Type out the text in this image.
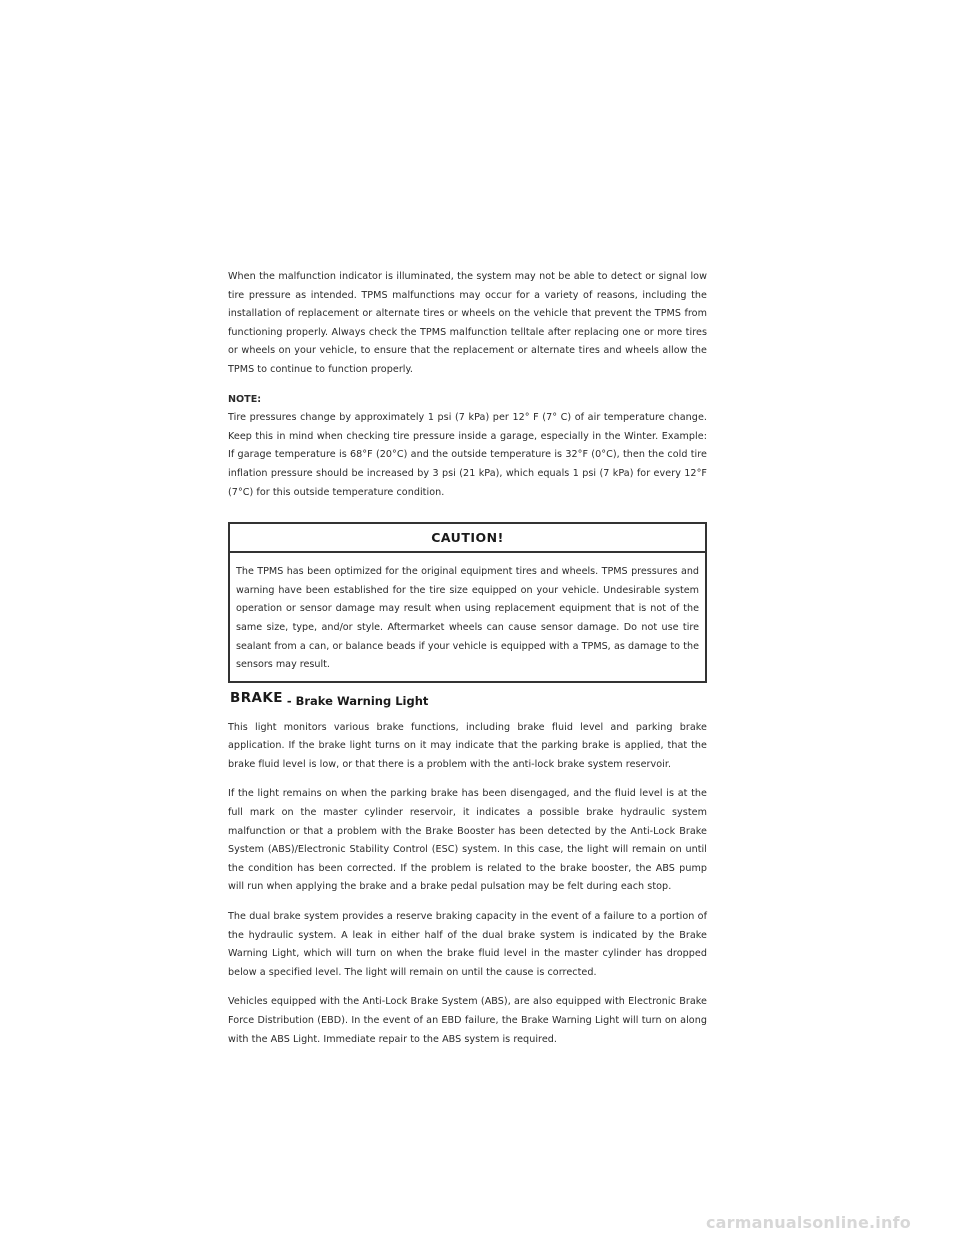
When the malfunction indicator is illuminated, the system may not be able to detect or signal low tire pressure as intended. TPMS malfunctions may occur for a variety of reasons, including the installation of replacement or alternate tires or wheels on the vehicle that prevent the TPMS from functioning properly. Always check the TPMS malfunction telltale after replacing one or more tires or wheels on your vehicle, to ensure that the replacement or alternate tires and wheels allow the TPMS to continue to function properly.

NOTE:

Tire pressures change by approximately 1 psi (7 kPa) per 12° F (7° C) of air temperature change. Keep this in mind when checking tire pressure inside a garage, especially in the Winter. Example: If garage temperature is 68°F (20°C) and the outside temperature is 32°F (0°C), then the cold tire inflation pressure should be increased by 3 psi (21 kPa), which equals 1 psi (7 kPa) for every 12°F (7°C) for this outside temperature condition.

CAUTION!

The TPMS has been optimized for the original equipment tires and wheels. TPMS pressures and warning have been established for the tire size equipped on your vehicle. Undesirable system operation or sensor damage may result when using replacement equipment that is not of the same size, type, and/or style. Aftermarket wheels can cause sensor damage. Do not use tire sealant from a can, or balance beads if your vehicle is equipped with a TPMS, as damage to the sensors may result.

BRAKE - Brake Warning Light

This light monitors various brake functions, including brake fluid level and parking brake application. If the brake light turns on it may indicate that the parking brake is applied, that the brake fluid level is low, or that there is a problem with the anti-lock brake system reservoir.

If the light remains on when the parking brake has been disengaged, and the fluid level is at the full mark on the master cylinder reservoir, it indicates a possible brake hydraulic system malfunction or that a problem with the Brake Booster has been detected by the Anti-Lock Brake System (ABS)/Electronic Stability Control (ESC) system. In this case, the light will remain on until the condition has been corrected. If the problem is related to the brake booster, the ABS pump will run when applying the brake and a brake pedal pulsation may be felt during each stop.

The dual brake system provides a reserve braking capacity in the event of a failure to a portion of the hydraulic system. A leak in either half of the dual brake system is indicated by the Brake Warning Light, which will turn on when the brake fluid level in the master cylinder has dropped below a specified level. The light will remain on until the cause is corrected.

Vehicles equipped with the Anti-Lock Brake System (ABS), are also equipped with Electronic Brake Force Distribution (EBD). In the event of an EBD failure, the Brake Warning Light will turn on along with the ABS Light. Immediate repair to the ABS system is required.

carmanualsonline.info
